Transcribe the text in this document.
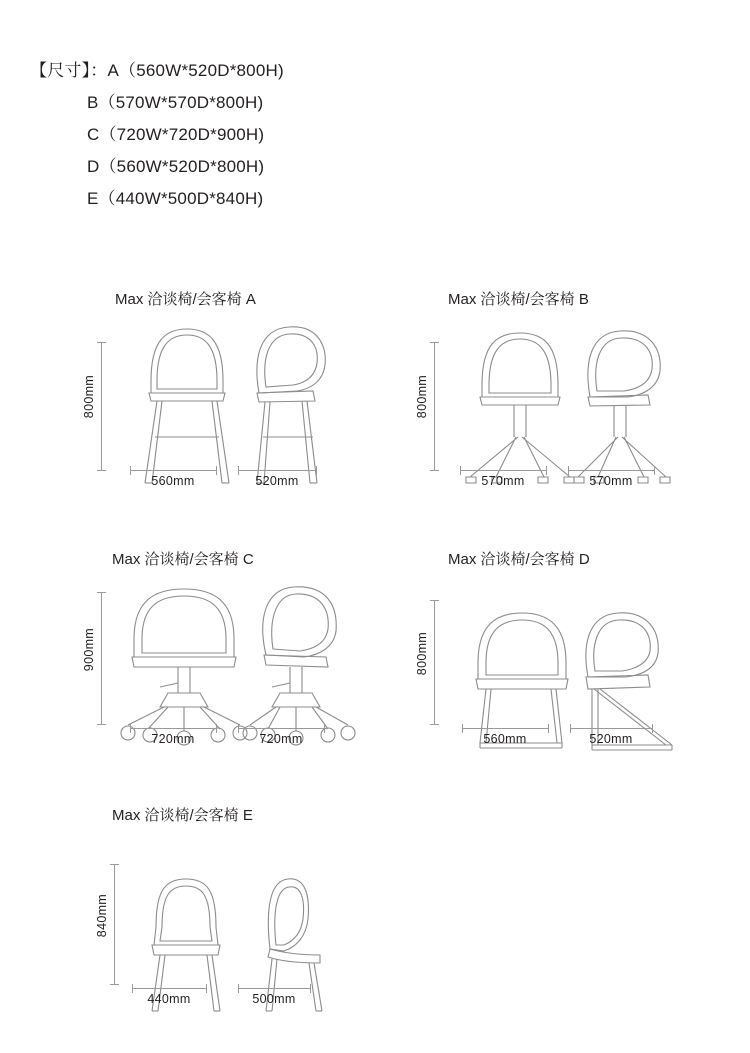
【尺寸】：A（560W*520D*800H)
B（570W*570D*800H)
C（720W*720D*900H)
D（560W*520D*800H)
E（440W*500D*840H)
Max 洽谈椅/会客椅 A
800mm
560mm	520mm
Max 洽谈椅/会客椅 B
800mm
570mm	570mm
Max 洽谈椅/会客椅 C
900mm
720mm	720mm
Max 洽谈椅/会客椅 D
800mm
560mm	520mm
Max 洽谈椅/会客椅 E
840mm
440mm	500mm
